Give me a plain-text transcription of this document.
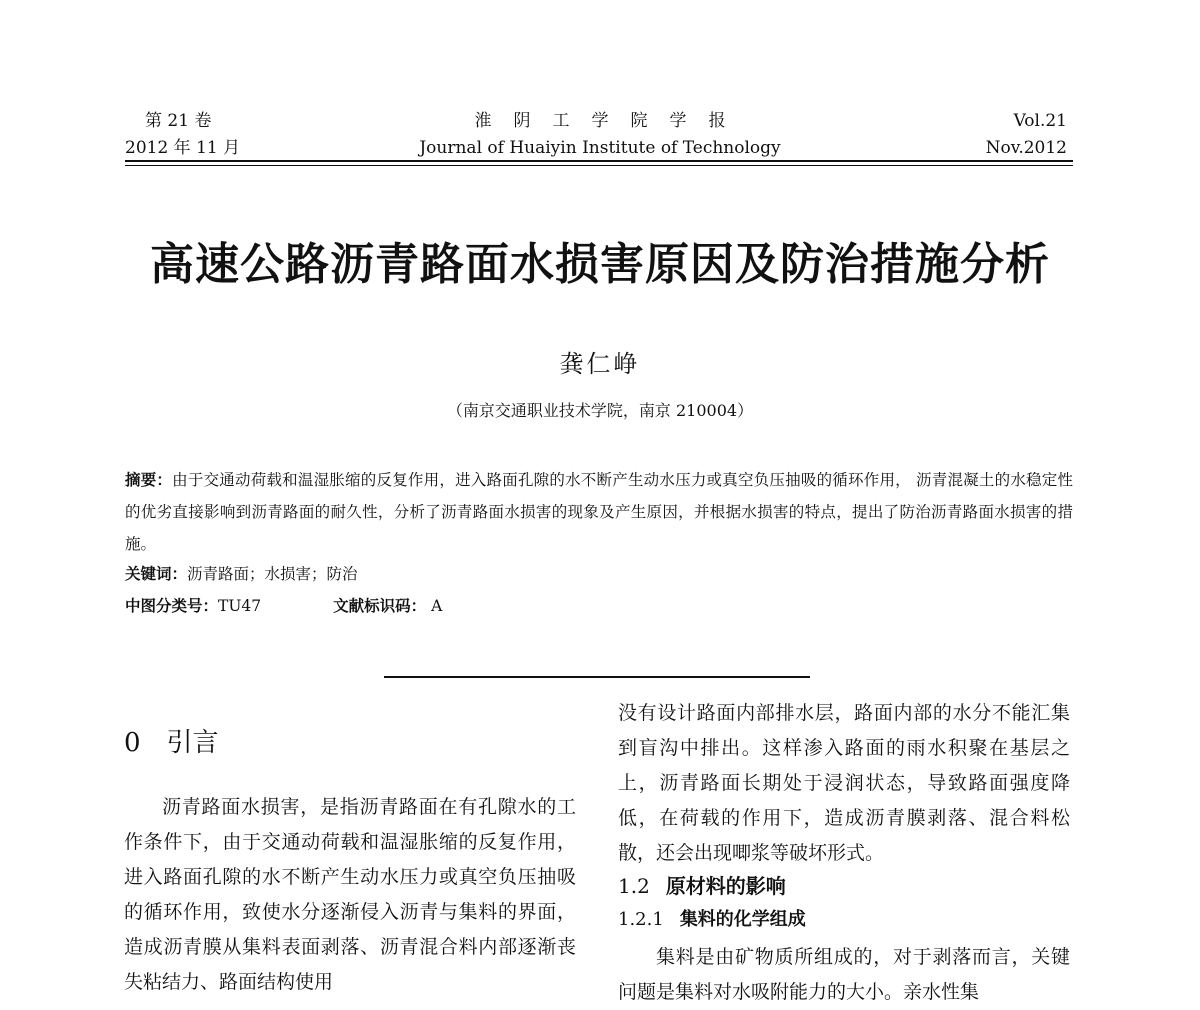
第 21 卷
2012 年 11 月
淮阴工学院学报
Journal of Huaiyin Institute of Technology
Vol.21
Nov.2012
高速公路沥青路面水损害原因及防治措施分析
龚仁峥
（南京交通职业技术学院，南京 210004）
摘要：由于交通动荷载和温湿胀缩的反复作用，进入路面孔隙的水不断产生动水压力或真空负压抽吸的循环作用， 沥青混凝土的水稳定性的优劣直接影响到沥青路面的耐久性，分析了沥青路面水损害的现象及产生原因，并根据水损害的特点，提出了防治沥青路面水损害的措施。
关键词：沥青路面；水损害；防治
中图分类号：TU47	文献标识码： A
0 引言
沥青路面水损害，是指沥青路面在有孔隙水的工作条件下，由于交通动荷载和温湿胀缩的反复作用，进入路面孔隙的水不断产生动水压力或真空负压抽吸的循环作用，致使水分逐渐侵入沥青与集料的界面，造成沥青膜从集料表面剥落、沥青混合料内部逐渐丧失粘结力、路面结构使用
没有设计路面内部排水层，路面内部的水分不能汇集到盲沟中排出。这样渗入路面的雨水积聚在基层之上，沥青路面长期处于浸润状态，导致路面强度降低，在荷载的作用下，造成沥青膜剥落、混合料松散，还会出现唧浆等破坏形式。
1.2 原材料的影响
1.2.1 集料的化学组成
集料是由矿物质所组成的，对于剥落而言，关键问题是集料对水吸附能力的大小。亲水性集
